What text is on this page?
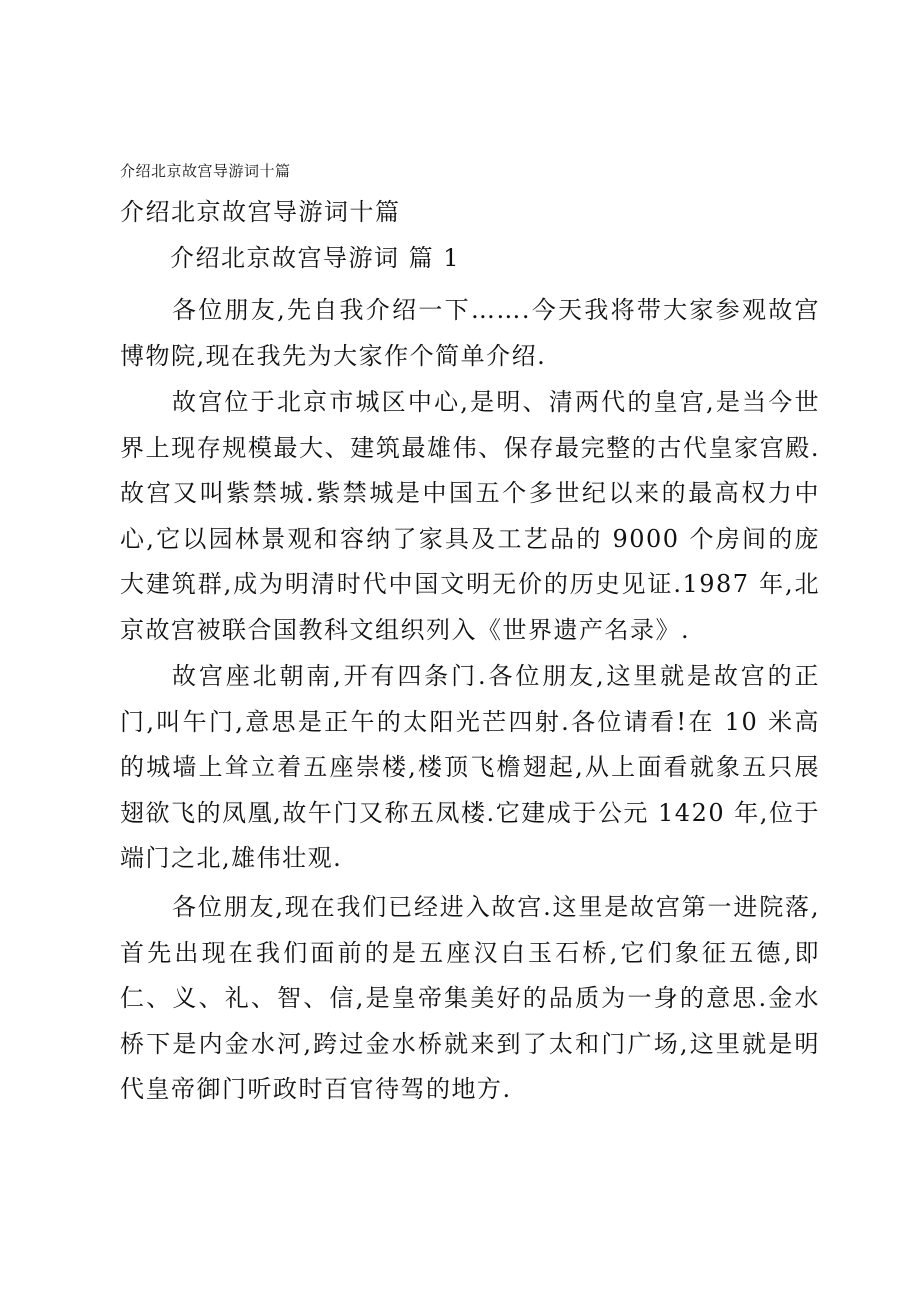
介绍北京故宫导游词十篇
介绍北京故宫导游词十篇
介绍北京故宫导游词 篇 1

各位朋友,先自我介绍一下…….今天我将带大家参观故宫博物院,现在我先为大家作个简单介绍.

故宫位于北京市城区中心,是明、清两代的皇宫,是当今世界上现存规模最大、建筑最雄伟、保存最完整的古代皇家宫殿.故宫又叫紫禁城.紫禁城是中国五个多世纪以来的最高权力中心,它以园林景观和容纳了家具及工艺品的 9000 个房间的庞大建筑群,成为明清时代中国文明无价的历史见证.1987 年,北京故宫被联合国教科文组织列入《世界遗产名录》.

故宫座北朝南,开有四条门.各位朋友,这里就是故宫的正门,叫午门,意思是正午的太阳光芒四射.各位请看!在 10 米高的城墙上耸立着五座崇楼,楼顶飞檐翅起,从上面看就象五只展翅欲飞的凤凰,故午门又称五凤楼.它建成于公元 1420 年,位于端门之北,雄伟壮观.

各位朋友,现在我们已经进入故宫.这里是故宫第一进院落,首先出现在我们面前的是五座汉白玉石桥,它们象征五德,即仁、义、礼、智、信,是皇帝集美好的品质为一身的意思.金水桥下是内金水河,跨过金水桥就来到了太和门广场,这里就是明代皇帝御门听政时百官待驾的地方.
